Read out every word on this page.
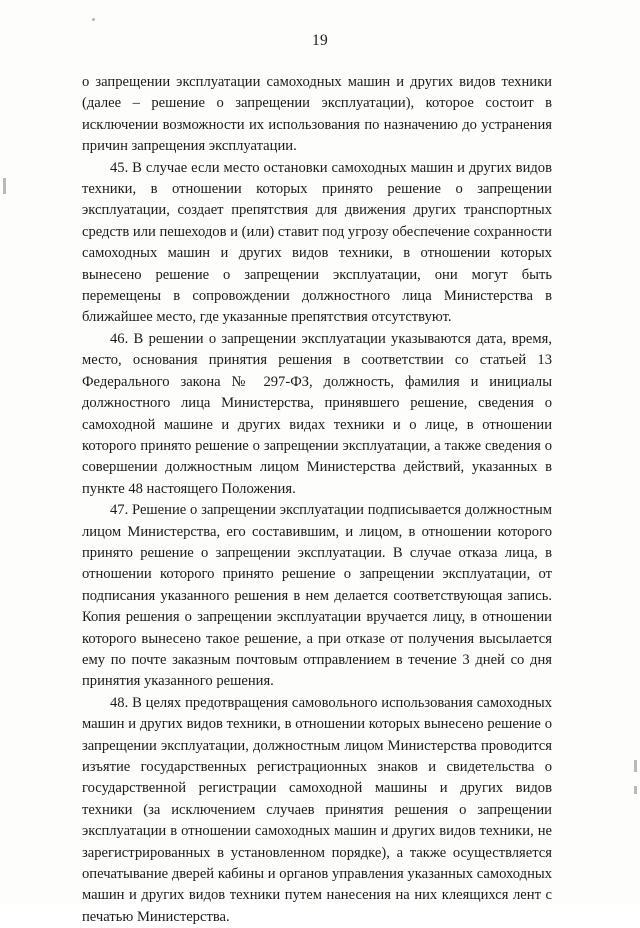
19

о запрещении эксплуатации самоходных машин и других видов техники (далее – решение о запрещении эксплуатации), которое состоит в исключении возможности их использования по назначению до устранения причин запрещения эксплуатации.

45. В случае если место остановки самоходных машин и других видов техники, в отношении которых принято решение о запрещении эксплуатации, создает препятствия для движения других транспортных средств или пешеходов и (или) ставит под угрозу обеспечение сохранности самоходных машин и других видов техники, в отношении которых вынесено решение о запрещении эксплуатации, они могут быть перемещены в сопровождении должностного лица Министерства в ближайшее место, где указанные препятствия отсутствуют.

46. В решении о запрещении эксплуатации указываются дата, время, место, основания принятия решения в соответствии со статьей 13 Федерального закона № 297-ФЗ, должность, фамилия и инициалы должностного лица Министерства, принявшего решение, сведения о самоходной машине и других видах техники и о лице, в отношении которого принято решение о запрещении эксплуатации, а также сведения о совершении должностным лицом Министерства действий, указанных в пункте 48 настоящего Положения.

47. Решение о запрещении эксплуатации подписывается должностным лицом Министерства, его составившим, и лицом, в отношении которого принято решение о запрещении эксплуатации. В случае отказа лица, в отношении которого принято решение о запрещении эксплуатации, от подписания указанного решения в нем делается соответствующая запись. Копия решения о запрещении эксплуатации вручается лицу, в отношении которого вынесено такое решение, а при отказе от получения высылается ему по почте заказным почтовым отправлением в течение 3 дней со дня принятия указанного решения.

48. В целях предотвращения самовольного использования самоходных машин и других видов техники, в отношении которых вынесено решение о запрещении эксплуатации, должностным лицом Министерства проводится изъятие государственных регистрационных знаков и свидетельства о государственной регистрации самоходной машины и других видов техники (за исключением случаев принятия решения о запрещении эксплуатации в отношении самоходных машин и других видов техники, не зарегистрированных в установленном порядке), а также осуществляется опечатывание дверей кабины и органов управления указанных самоходных машин и других видов техники путем нанесения на них клеящихся лент с печатью Министерства.
